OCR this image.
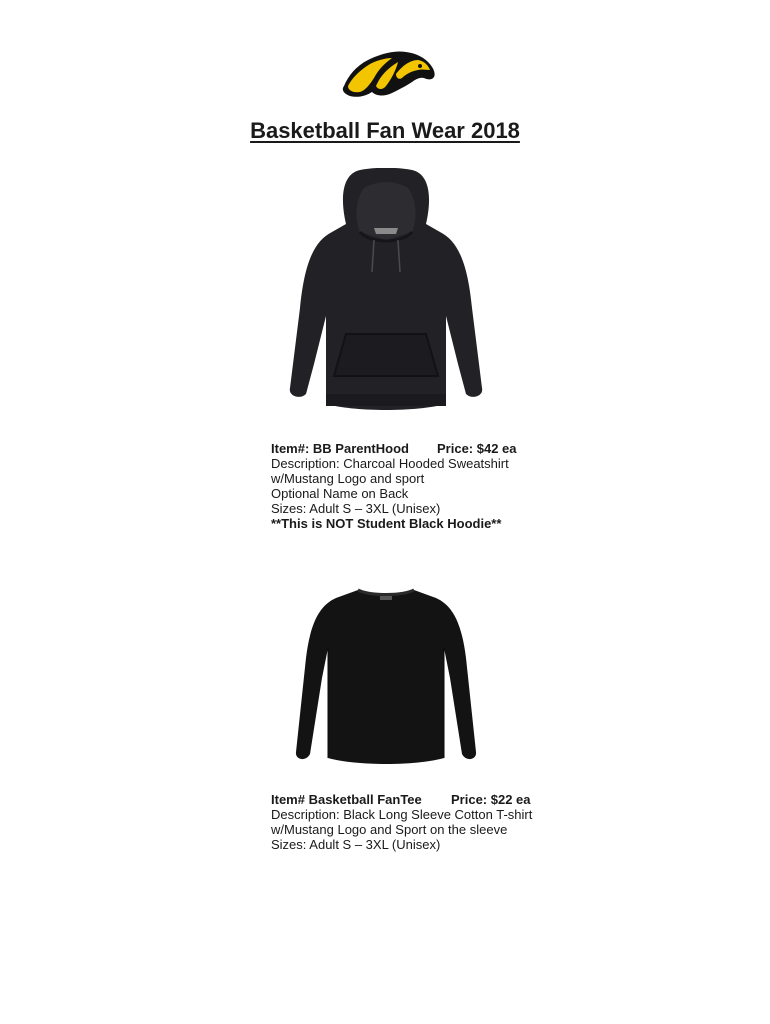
Basketball Fan Wear 2018
Item#: BB ParentHood Price: $42 ea
Description: Charcoal Hooded Sweatshirt
w/Mustang Logo and sport
Optional Name on Back
Sizes: Adult S – 3XL (Unisex)
**This is NOT Student Black Hoodie**
Item# Basketball FanTee Price: $22 ea
Description: Black Long Sleeve Cotton T-shirt
w/Mustang Logo and Sport on the sleeve
Sizes: Adult S – 3XL (Unisex)
